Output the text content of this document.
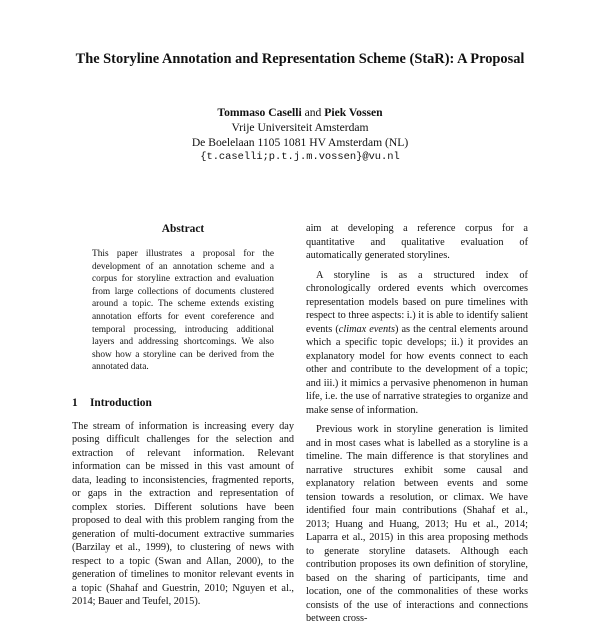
The Storyline Annotation and Representation Scheme (StaR): A Proposal
Tommaso Caselli and Piek Vossen
Vrije Universiteit Amsterdam
De Boelelaan 1105 1081 HV Amsterdam (NL)
{t.caselli;p.t.j.m.vossen}@vu.nl
Abstract
This paper illustrates a proposal for the development of an annotation scheme and a corpus for storyline extraction and evaluation from large collections of documents clustered around a topic. The scheme extends existing annotation efforts for event coreference and temporal processing, introducing additional layers and addressing shortcomings. We also show how a storyline can be derived from the annotated data.
1 Introduction

The stream of information is increasing every day posing difficult challenges for the selection and extraction of relevant information. Relevant information can be missed in this vast amount of data, leading to inconsistencies, fragmented reports, or gaps in the extraction and representation of complex stories. Different solutions have been proposed to deal with this problem ranging from the generation of multi-document extractive summaries (Barzilay et al., 1999), to clustering of news with respect to a topic (Swan and Allan, 2000), to the generation of timelines to monitor relevant events in a topic (Shahaf and Guestrin, 2010; Nguyen et al., 2014; Bauer and Teufel, 2015).

aim at developing a reference corpus for a quantitative and qualitative evaluation of automatically generated storylines.

A storyline is as a structured index of chronologically ordered events which overcomes representation models based on pure timelines with respect to three aspects: i.) it is able to identify salient events (climax events) as the central elements around which a specific topic develops; ii.) it provides an explanatory model for how events connect to each other and contribute to the development of a topic; and iii.) it mimics a pervasive phenomenon in human life, i.e. the use of narrative strategies to organize and make sense of information.

Previous work in storyline generation is limited and in most cases what is labelled as a storyline is a timeline. The main difference is that storylines and narrative structures exhibit some causal and explanatory relation between events and some tension towards a resolution, or climax. We have identified four main contributions (Shahaf et al., 2013; Huang and Huang, 2013; Hu et al., 2014; Laparra et al., 2015) in this area proposing methods to generate storyline datasets. Although each contribution proposes its own definition of storyline, based on the sharing of participants, time and location, one of the commonalities of these works consists of the use of interactions and connections between cross-
